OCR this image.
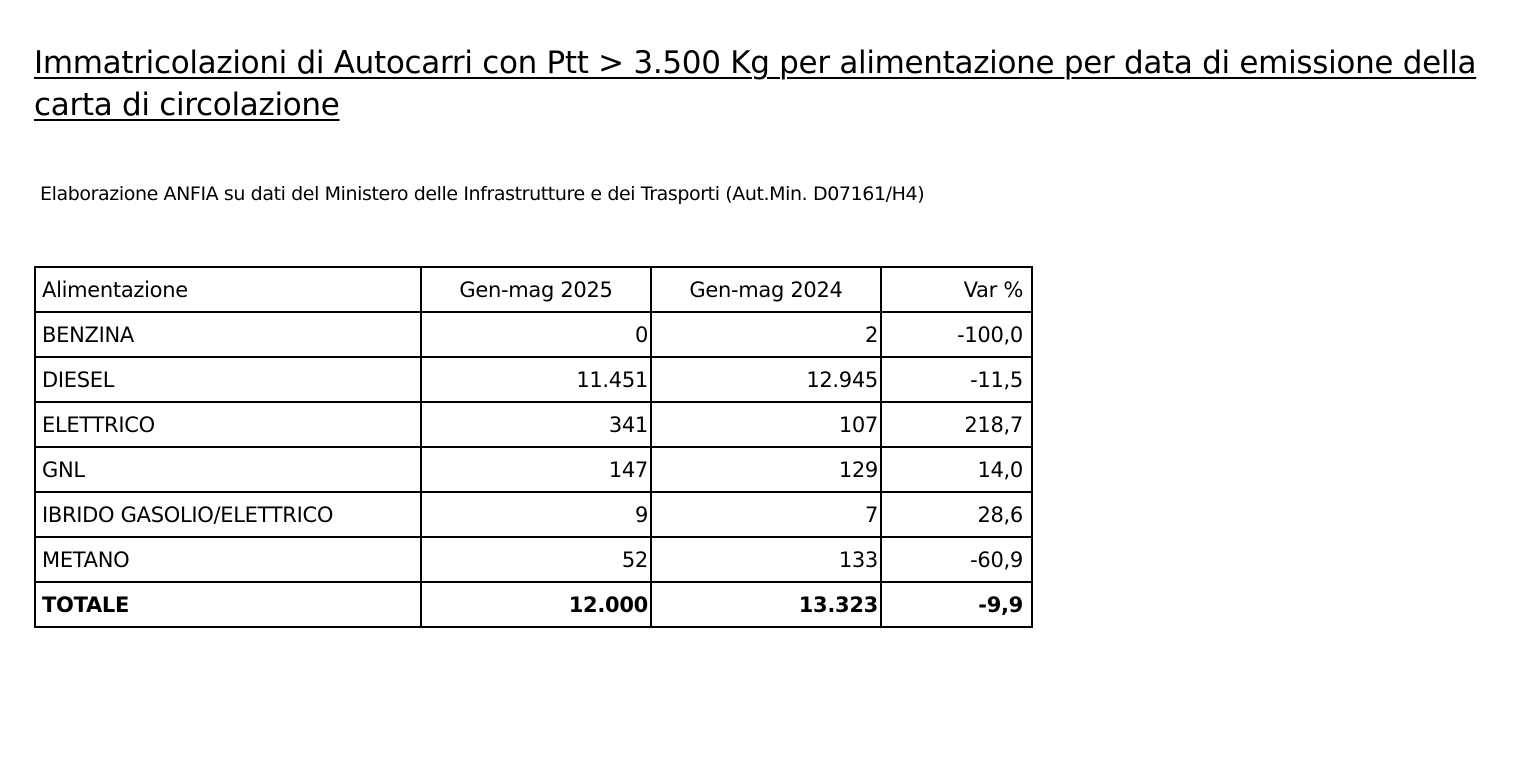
Immatricolazioni di Autocarri con Ptt > 3.500 Kg per alimentazione per data di emissione della carta di circolazione

Elaborazione ANFIA su dati del Ministero delle Infrastrutture e dei Trasporti (Aut.Min. D07161/H4)

Alimentazione	Gen-mag 2025	Gen-mag 2024	Var %
BENZINA	0	2	-100,0
DIESEL	11.451	12.945	-11,5
ELETTRICO	341	107	218,7
GNL	147	129	14,0
IBRIDO GASOLIO/ELETTRICO	9	7	28,6
METANO	52	133	-60,9
TOTALE	12.000	13.323	-9,9
